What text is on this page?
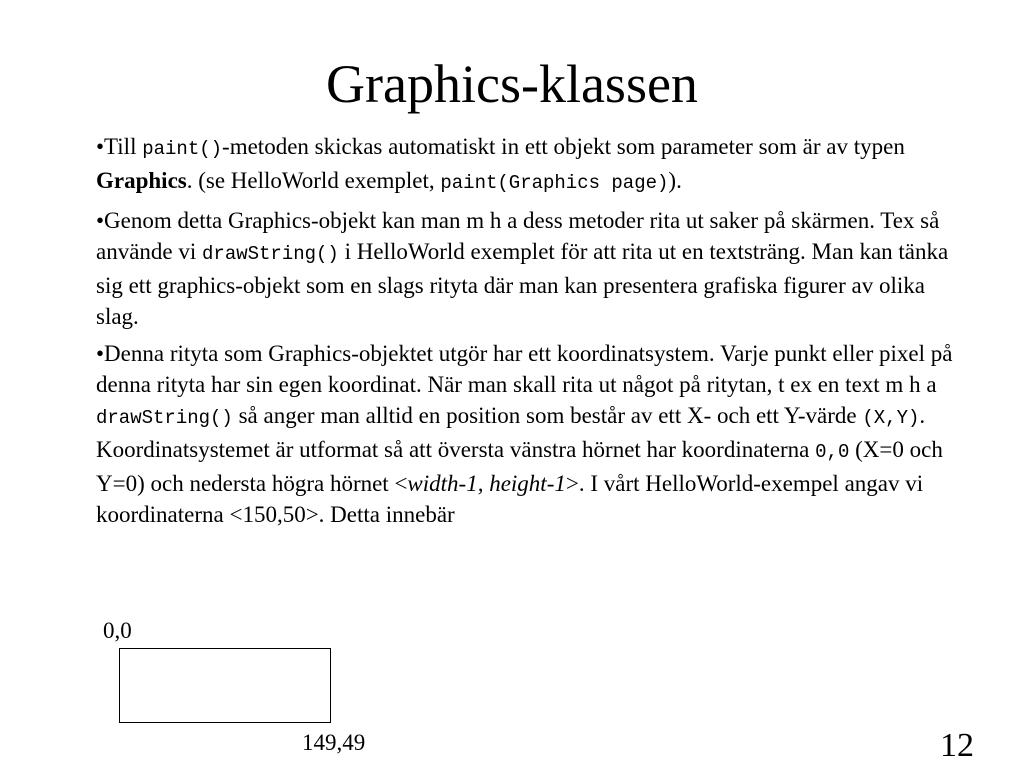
Graphics-klassen

•Till paint()-metoden skickas automatiskt in ett objekt som parameter som är av typen Graphics. (se HelloWorld exemplet, paint(Graphics page)).

•Genom detta Graphics-objekt kan man m h a dess metoder rita ut saker på skärmen. Tex så använde vi drawString() i HelloWorld exemplet för att rita ut en textsträng. Man kan tänka sig ett graphics-objekt som en slags rityta där man kan presentera grafiska figurer av olika slag.

•Denna rityta som Graphics-objektet utgör har ett koordinatsystem. Varje punkt eller pixel på denna rityta har sin egen koordinat. När man skall rita ut något på ritytan, t ex en text m h a drawString() så anger man alltid en position som består av ett X- och ett Y-värde (X,Y). Koordinatsystemet är utformat så att översta vänstra hörnet har koordinaterna 0,0 (X=0 och Y=0) och nedersta högra hörnet <width-1, height-1>. I vårt HelloWorld-exempel angav vi koordinaterna <150,50>. Detta innebär

0,0
149,49	12
